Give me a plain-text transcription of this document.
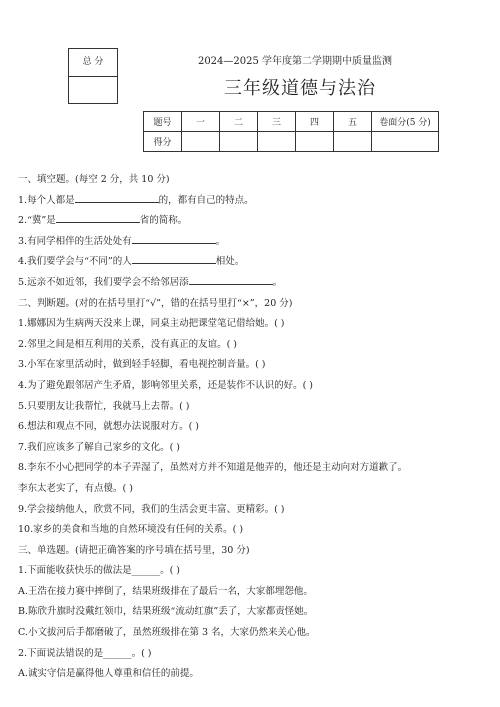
总 分	2024—2025 学年度第二学期期中质量监测
三年级道德与法治
题号	一	二	三	四	五	卷面分(5 分)
得分						
一、填空题。(每空 2 分，共 10 分)
1.每个人都是	的，都有自己的特点。
2.“冀”是	省的简称。
3.有同学相伴的生活处处有	。
4.我们要学会与“不同”的人	相处。
5.远亲不如近邻，我们要学会不给邻居添	。
二、判断题。(对的在括号里打“√”，错的在括号里打“×”，20 分)
1.娜娜因为生病两天没来上课，同桌主动把课堂笔记借给她。( )
2.邻里之间是相互利用的关系，没有真正的友谊。( )
3.小军在家里活动时，做到轻手轻脚，看电视控制音量。( )
4.为了避免跟邻居产生矛盾，影响邻里关系，还是装作不认识的好。( )
5.只要朋友让我帮忙，我就马上去帮。( )
6.想法和观点不同，就想办法说服对方。( )
7.我们应该多了解自己家乡的文化。( )
8.李东不小心把同学的本子弄湿了，虽然对方并不知道是他弄的，他还是主动向对方道歉了。
李东太老实了，有点傻。( )
9.学会接纳他人，欣赏不同，我们的生活会更丰富、更精彩。( )
10.家乡的美食和当地的自然环境没有任何的关系。( )
三、单选题。(请把正确答案的序号填在括号里，30 分)
1.下面能收获快乐的做法是______。( )
A.王浩在接力赛中摔倒了，结果班级排在了最后一名，大家都埋怨他。
B.陈欣升旗时没戴红领巾，结果班级“流动红旗”丢了，大家都责怪她。
C.小文拔河后手都磨破了，虽然班级排在第 3 名，大家仍然来关心他。
2.下面说法错误的是______。( )
A.诚实守信是赢得他人尊重和信任的前提。
